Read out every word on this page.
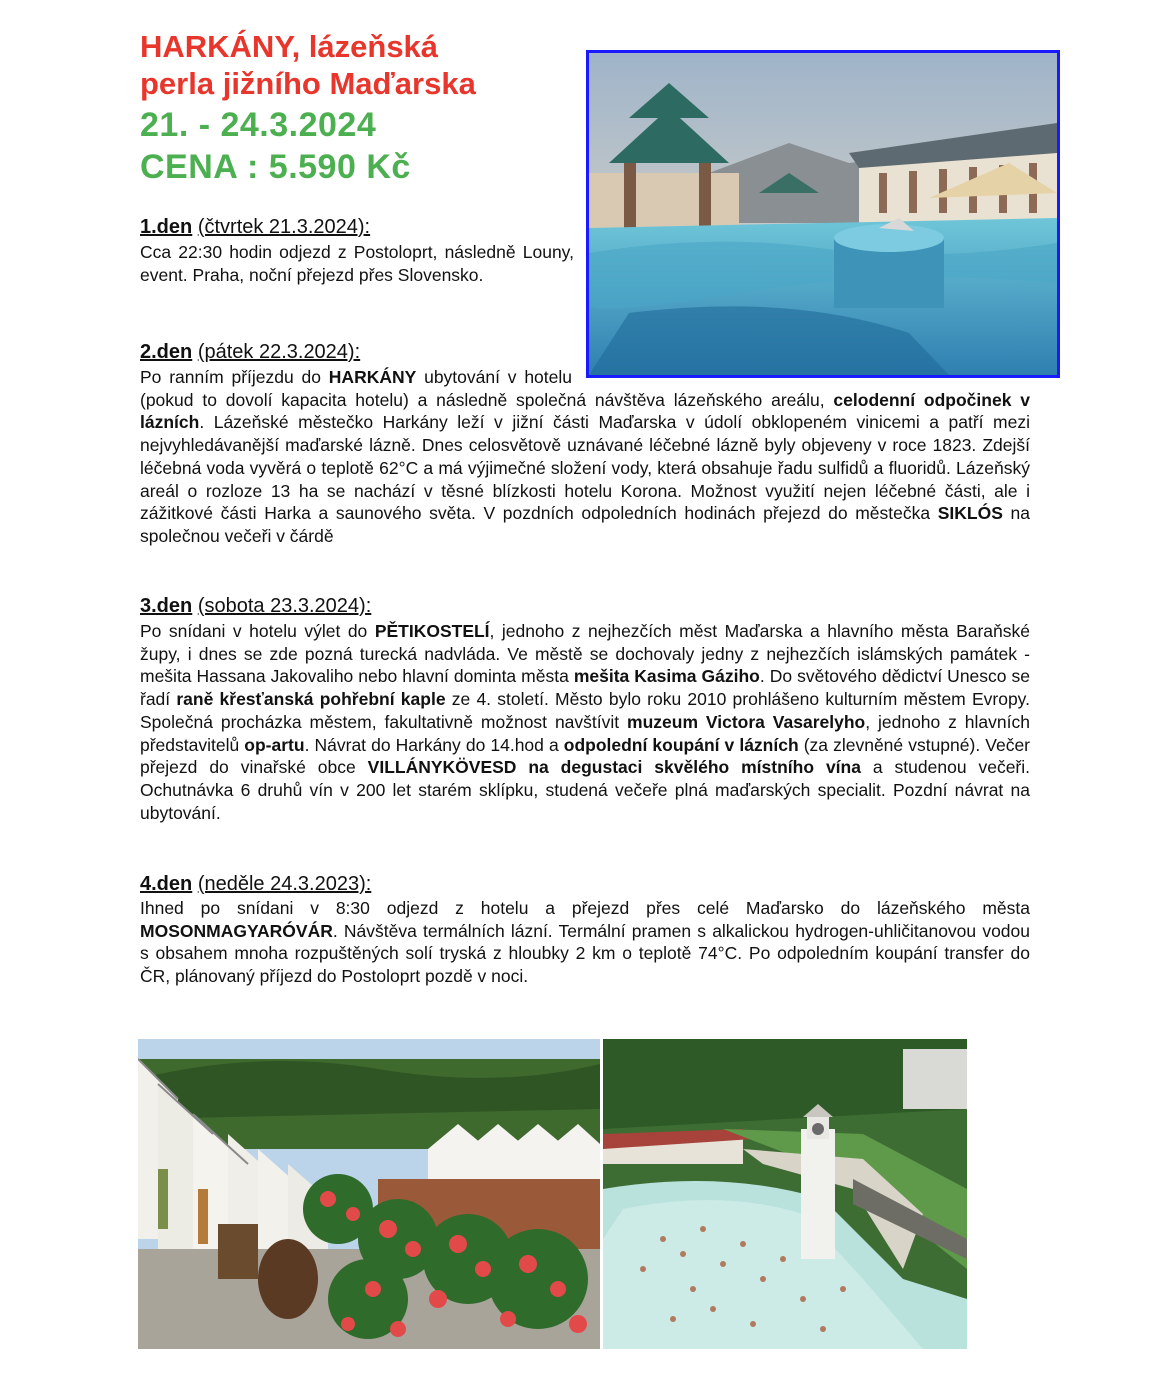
HARKÁNY, lázeňská
perla jižního Maďarska
21. - 24.3.2024
CENA : 5.590 Kč
1.den (čtvrtek 21.3.2024):
Cca 22:30 hodin odjezd z Postoloprt, následně Louny, event. Praha, noční přejezd přes Slovensko.
2.den (pátek 22.3.2024):
Po ranním příjezdu do HARKÁNY ubytování v hotelu (pokud to dovolí kapacita hotelu) a následně společná návštěva lázeňského areálu, celodenní odpočinek v lázních. Lázeňské městečko Harkány leží v jižní části Maďarska v údolí obklopeném vinicemi a patří mezi nejvyhledávanější maďarské lázně. Dnes celosvětově uznávané léčebné lázně byly objeveny v roce 1823. Zdejší léčebná voda vyvěrá o teplotě 62°C a má výjimečné složení vody, která obsahuje řadu sulfidů a fluoridů. Lázeňský areál o rozloze 13 ha se nachází v těsné blízkosti hotelu Korona. Možnost využití nejen léčebné části, ale i zážitkové části Harka a saunového světa. V pozdních odpoledních hodinách přejezd do městečka SIKLÓS na společnou večeři v čárdě
3.den (sobota 23.3.2024):
Po snídani v hotelu výlet do PĚTIKOSTELÍ, jednoho z nejhezčích měst Maďarska a hlavního města Baraňské župy, i dnes se zde pozná turecká nadvláda. Ve městě se dochovaly jedny z nejhezčích islámských památek - mešita Hassana Jakovaliho nebo hlavní dominta města mešita Kasima Gáziho. Do světového dědictví Unesco se řadí raně křesťanská pohřební kaple ze 4. století. Město bylo roku 2010 prohlášeno kulturním městem Evropy. Společná procházka městem, fakultativně možnost navštívit muzeum Victora Vasarelyho, jednoho z hlavních představitelů op-artu. Návrat do Harkány do 14.hod a odpolední koupání v lázních (za zlevněné vstupné). Večer přejezd do vinařské obce VILLÁNYKÖVESD na degustaci skvělého místního vína a studenou večeři. Ochutnávka 6 druhů vín v 200 let starém sklípku, studená večeře plná maďarských specialit. Pozdní návrat na ubytování.
4.den (neděle 24.3.2023):
Ihned po snídani v 8:30 odjezd z hotelu a přejezd přes celé Maďarsko do lázeňského města MOSONMAGYARÓVÁR. Návštěva termálních lázní. Termální pramen s alkalickou hydrogen-uhličitanovou vodou s obsahem mnoha rozpuštěných solí tryská z hloubky 2 km o teplotě 74°C. Po odpoledním koupání transfer do ČR, plánovaný příjezd do Postoloprt pozdě v noci.
